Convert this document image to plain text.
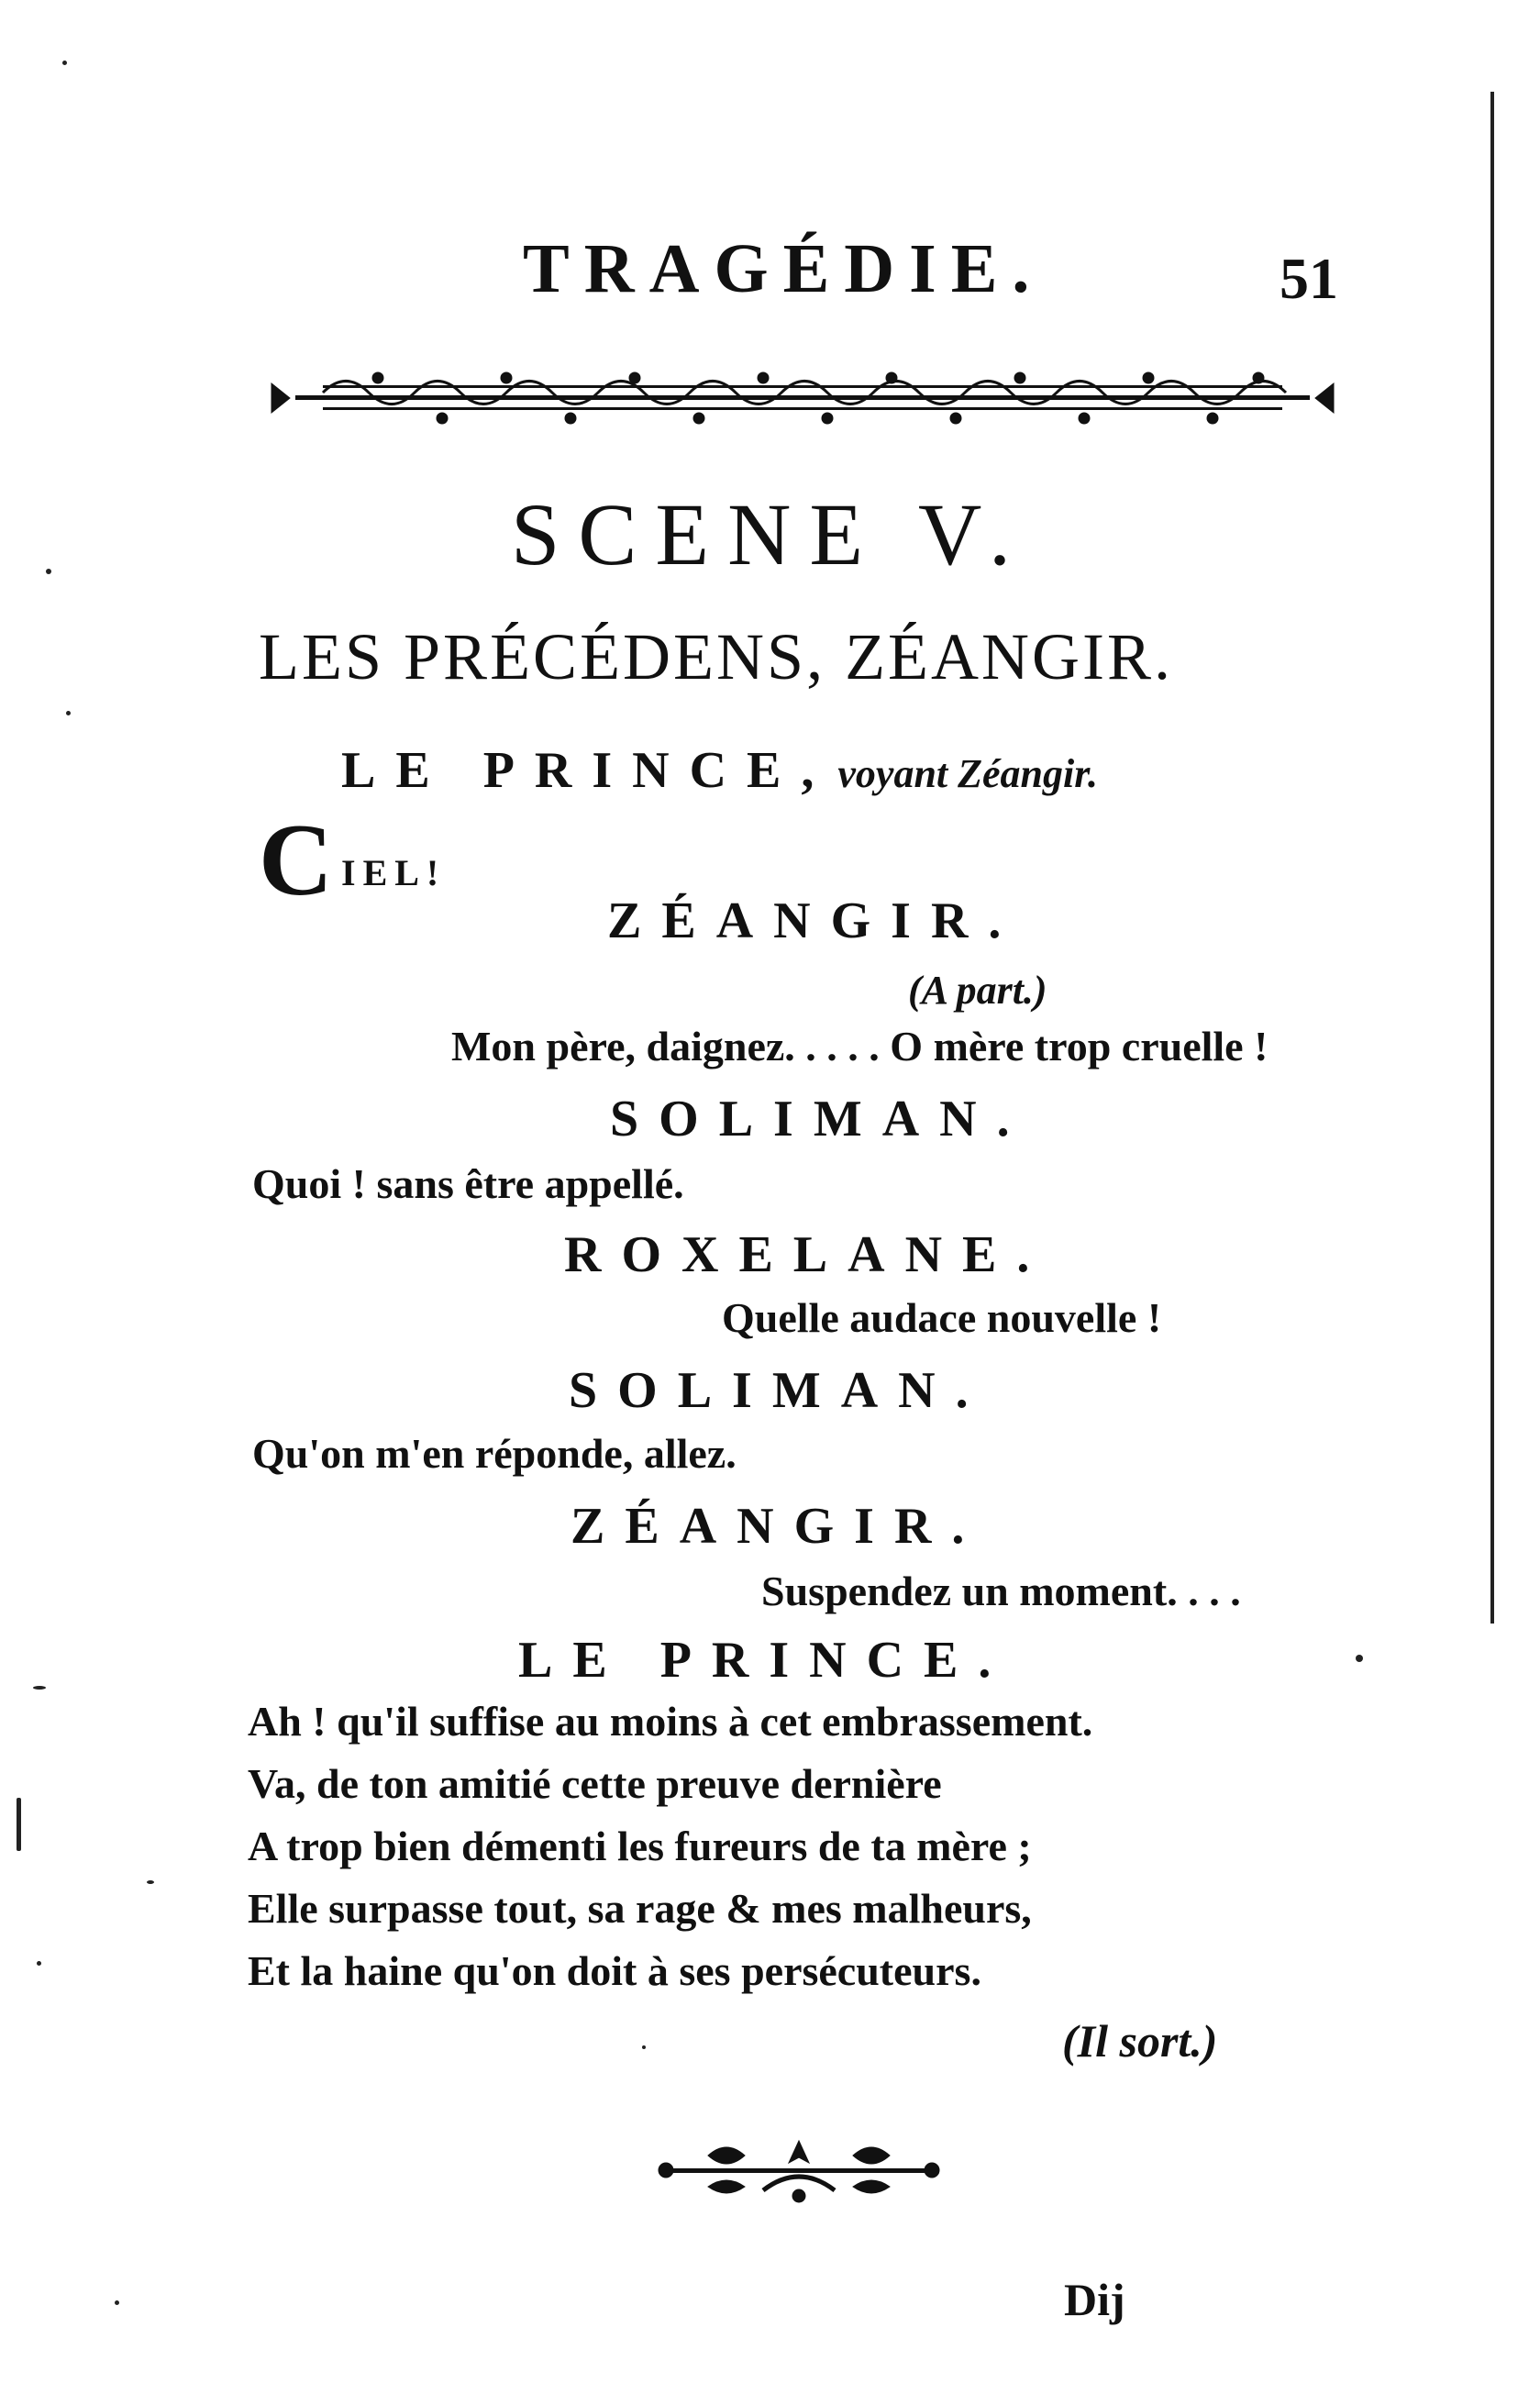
TRAGÉDIE.	51
SCENE V.
LES PRÉCÉDENS, ZÉANGIR.
LE PRINCE, voyant Zéangir.
C IEL!
ZÉANGIR.
(A part.)
Mon père, daignez. . . . . O mère trop cruelle !
SOLIMAN.
Quoi ! sans être appellé.
ROXELANE.
Quelle audace nouvelle !
SOLIMAN.
Qu'on m'en réponde, allez.
ZÉANGIR.
Suspendez un moment. . . .
LE PRINCE.
Ah ! qu'il suffise au moins à cet embrassement.
Va, de ton amitié cette preuve dernière
A trop bien démenti les fureurs de ta mère ;
Elle surpasse tout, sa rage & mes malheurs,
Et la haine qu'on doit à ses persécuteurs.
(Il sort.)
Dij
